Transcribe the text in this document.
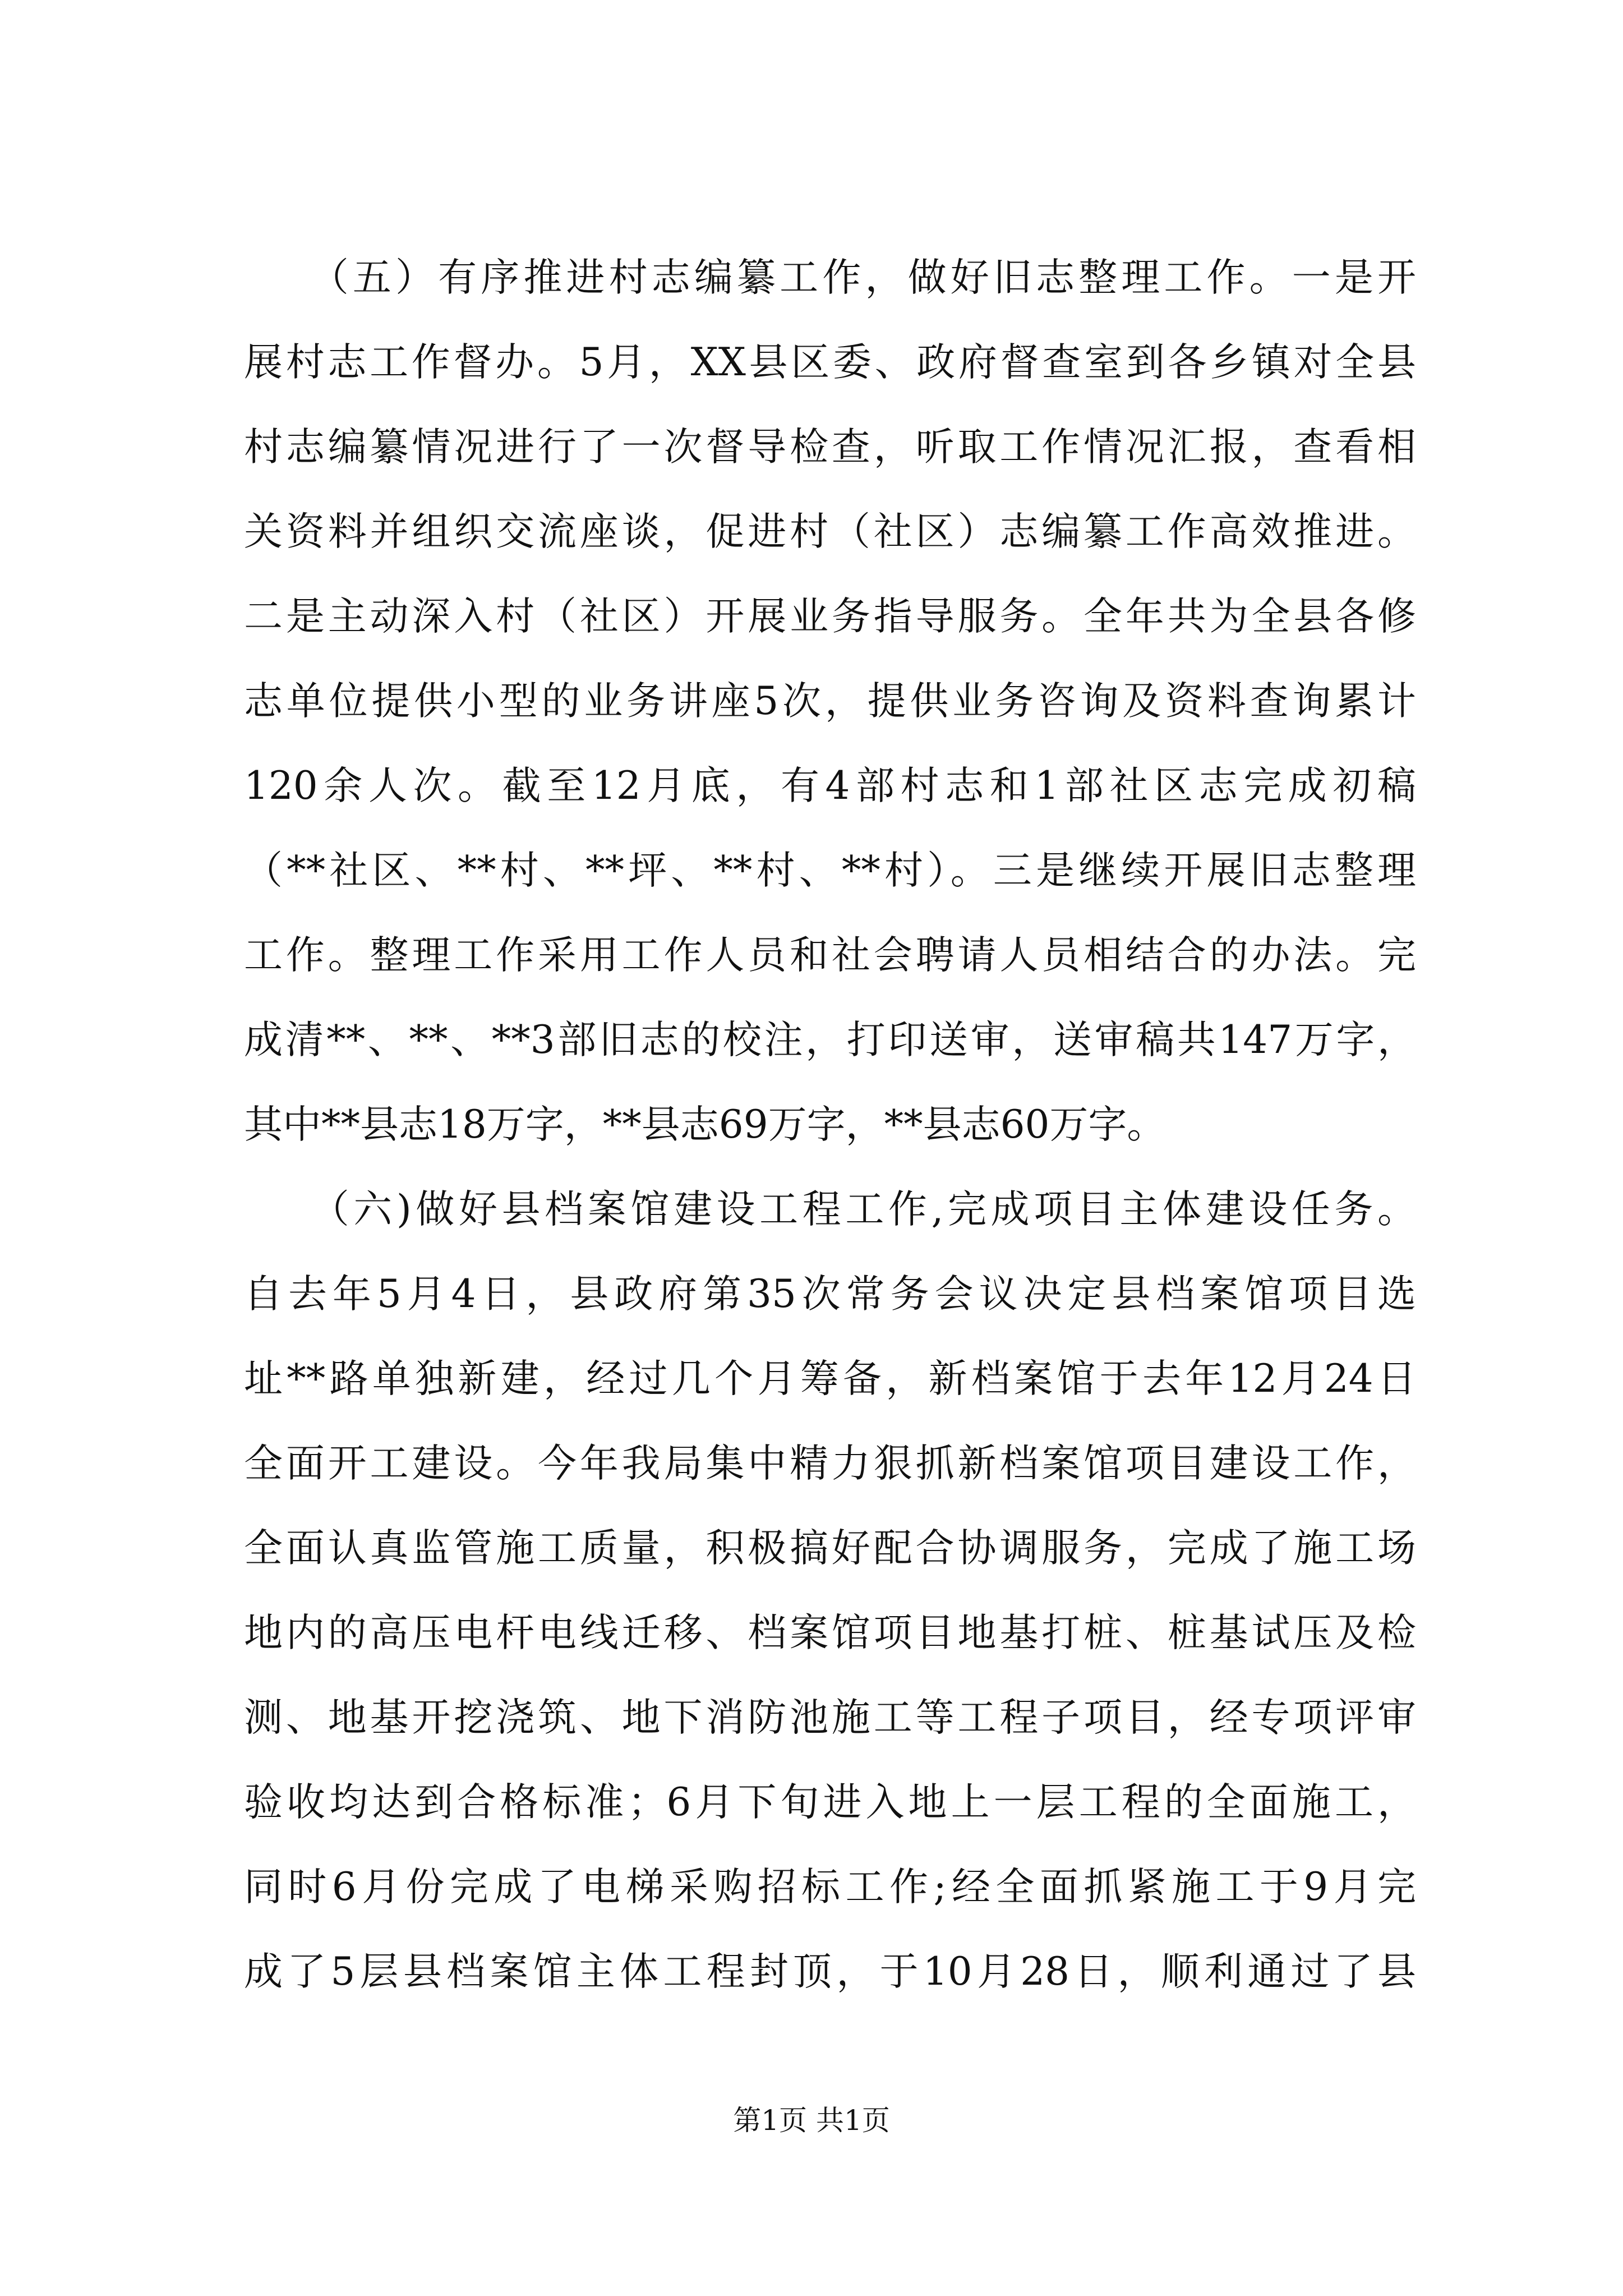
　　（五）有序推进村志编纂工作，做好旧志整理工作。一是开
展村志工作督办。5月，XX县区委、政府督查室到各乡镇对全县
村志编纂情况进行了一次督导检查，听取工作情况汇报，查看相
关资料并组织交流座谈，促进村（社区）志编纂工作高效推进。
二是主动深入村（社区）开展业务指导服务。全年共为全县各修
志单位提供小型的业务讲座5次，提供业务咨询及资料查询累计
120余人次。截至12月底，有4部村志和1部社区志完成初稿
（**社区、**村、**坪、**村、**村）。三是继续开展旧志整理
工作。整理工作采用工作人员和社会聘请人员相结合的办法。完
成清**、**、**3部旧志的校注，打印送审，送审稿共147万字，
其中**县志18万字，**县志69万字，**县志60万字。
　　（六)做好县档案馆建设工程工作,完成项目主体建设任务。
自去年5月4日，县政府第35次常务会议决定县档案馆项目选
址**路单独新建，经过几个月筹备，新档案馆于去年12月24日
全面开工建设。今年我局集中精力狠抓新档案馆项目建设工作，
全面认真监管施工质量，积极搞好配合协调服务，完成了施工场
地内的高压电杆电线迁移、档案馆项目地基打桩、桩基试压及检
测、地基开挖浇筑、地下消防池施工等工程子项目，经专项评审
验收均达到合格标准；6月下旬进入地上一层工程的全面施工，
同时6月份完成了电梯采购招标工作;经全面抓紧施工于9月完
成了5层县档案馆主体工程封顶，于10月28日，顺利通过了县
第1页 共1页
